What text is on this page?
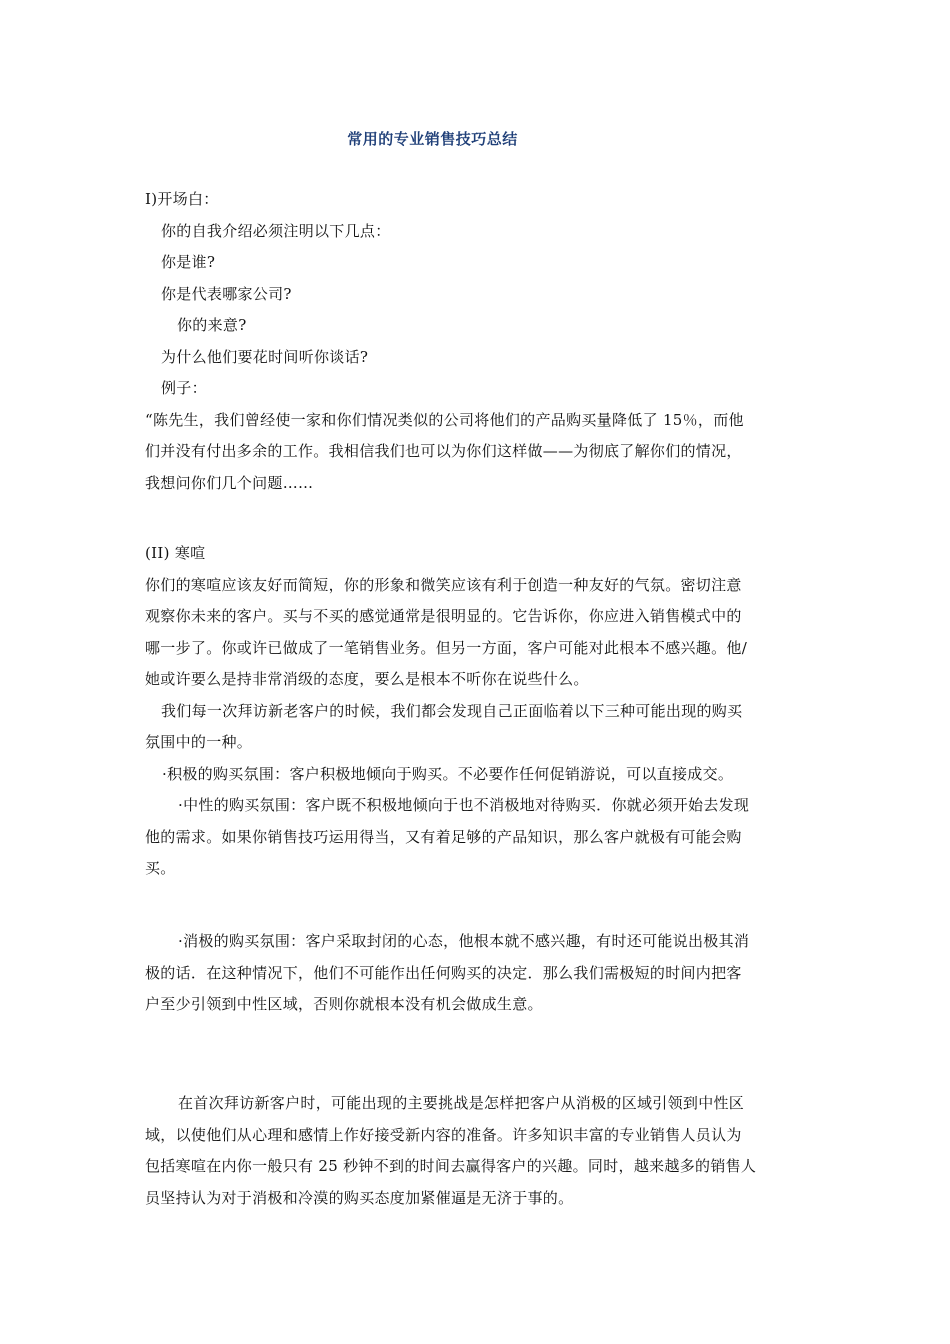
常用的专业销售技巧总结
I)开场白：
你的自我介绍必须注明以下几点：
你是谁?
你是代表哪家公司?
你的来意?
为什么他们要花时间听你谈话?
例子：
“陈先生，我们曾经使一家和你们情况类似的公司将他们的产品购买量降低了 15％，而他
们并没有付出多余的工作。我相信我们也可以为你们这样做——为彻底了解你们的情况，
我想问你们几个问题……
(II) 寒喧
你们的寒喧应该友好而简短，你的形象和微笑应该有利于创造一种友好的气氛。密切注意
观察你未来的客户。买与不买的感觉通常是很明显的。它告诉你，你应进入销售模式中的
哪一步了。你或许已做成了一笔销售业务。但另一方面，客户可能对此根本不感兴趣。他/
她或许要么是持非常消级的态度，要么是根本不听你在说些什么。
我们每一次拜访新老客户的时候，我们都会发现自己正面临着以下三种可能出现的购买
氛围中的一种。
·积极的购买氛围：客户积极地倾向于购买。不必要作任何促销游说，可以直接成交。
·中性的购买氛围：客户既不积极地倾向于也不消极地对待购买．你就必须开始去发现
他的需求。如果你销售技巧运用得当，又有着足够的产品知识，那么客户就极有可能会购
买。
·消极的购买氛围：客户采取封闭的心态，他根本就不感兴趣，有时还可能说出极其消
极的话．在这种情况下，他们不可能作出任何购买的决定．那么我们需极短的时间内把客
户至少引领到中性区域，否则你就根本没有机会做成生意。
在首次拜访新客户时，可能出现的主要挑战是怎样把客户从消极的区域引领到中性区
域，以使他们从心理和感情上作好接受新内容的准备。许多知识丰富的专业销售人员认为
包括寒喧在内你一般只有 25 秒钟不到的时间去赢得客户的兴趣。同时，越来越多的销售人
员坚持认为对于消极和冷漠的购买态度加紧催逼是无济于事的。
